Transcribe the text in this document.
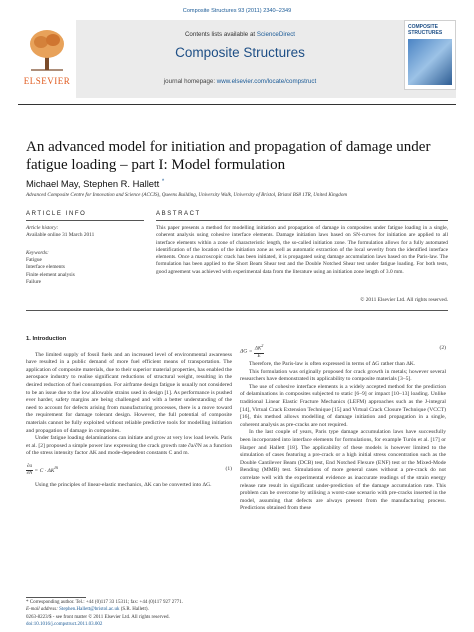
Composite Structures 93 (2011) 2340–2349
ELSEVIER
Contents lists available at ScienceDirect
Composite Structures
journal homepage: www.elsevier.com/locate/compstruct
COMPOSITE STRUCTURES
An advanced model for initiation and propagation of damage under fatigue loading – part I: Model formulation
Michael May, Stephen R. Hallett *
Advanced Composite Centre for Innovation and Science (ACCIS), Queens Building, University Walk, University of Bristol, Bristol BS8 1TR, United Kingdom
ARTICLE INFO
Article history:
Available online 31 March 2011
Keywords:
Fatigue
Interface elements
Finite element analysis
Failure
ABSTRACT
This paper presents a method for modelling initiation and propagation of damage in composites under fatigue loading in a single, coherent analysis using cohesive interface elements. Damage initiation laws based on SN-curves for initiation are applied to all interface elements within a zone of characteristic length, the so-called initiation zone. The formulation allows for a fully automated identification of the location of the initiation zone as well as automatic extraction of the local severity from the identified interface elements. Once a macroscopic crack has been initiated, it is propagated using damage accumulation laws based on the Paris-law. The formulation has been applied to the Short Beam Shear test and the Double Notched Shear test under fatigue loading. For both tests, good agreement was achieved with experimental data from the literature using an initiation zone length of 3.0 mm.
© 2011 Elsevier Ltd. All rights reserved.
1. Introduction

The limited supply of fossil fuels and an increased level of environmental awareness have resulted in a public demand of more fuel efficient means of transportation. The application of composite materials, due to their superior material properties, has enabled the aerospace industry to realise significant reductions of structural weight, resulting in the desired reduction of fuel consumption. For airframe design fatigue is usually not considered to be an issue due to the low allowable strains used in design [1]. As performance is pushed ever harder, safety margins are being challenged and with a better understanding of the need to account for defects arising from manufacturing processes, there is a move toward the requirement for damage tolerant design. However, the full potential of composite materials cannot be fully exploited without reliable predictive tools for modelling initiation and propagation of damage in composites.

Under fatigue loading delaminations can initiate and grow at very low load levels. Paris et al. [2] proposed a simple power law expressing the crack growth rate ∂a/∂N as a function of the stress intensity factor ΔK and mode-dependent constants C and m.

$\frac{\partial a}{\partial N} = C \cdot \Delta K^m$	(1)

Using the principles of linear-elastic mechanics, ΔK can be converted into ΔG.

$\Delta G = \frac{\Delta K^2}{E}$	(2)

Therefore, the Paris-law is often expressed in terms of ΔG rather than ΔK.

This formulation was originally proposed for crack growth in metals; however several researchers have demonstrated its applicability to composite materials [3–5].

The use of cohesive interface elements is a widely accepted method for the prediction of delaminations in composites subjected to static [6–9] or impact [10–13] loading. Unlike traditional Linear Elastic Fracture Mechanics (LEFM) approaches such as the J-integral [14], Virtual Crack Extension Technique [15] and Virtual Crack Closure Technique (VCCT) [16], this method allows modelling of damage initiation and propagation in a single, coherent analysis as pre-cracks are not required.

In the last couple of years, Paris type damage accumulation laws have successfully been incorporated into interface elements for formulations, for example Turón et al. [17] or Harper and Hallett [18]. The applicability of these models is however limited to the simulation of cases featuring a pre-crack or a high initial stress concentration such as the Double Cantilever Beam (DCB) test, End Notched Flexure (ENF) test or the Mixed-Mode Bending (MMB) test. Simulations of more general cases without a pre-crack do not correlate well with the experimental evidence as inaccurate readings of the strain energy release rate result in significant under-prediction of the damage accumulation rate. This problem can be overcome by utilising a worst-case scenario with pre-cracks inserted in the model, assuming that defects are always present from the manufacturing process. Predictions obtained from these

* Corresponding author. Tel.: +44 (0)117 33 15311; fax: +44 (0)117 927 2771.
E-mail address: Stephen.Hallett@bristol.ac.uk (S.R. Hallett).
0263-8223/$ - see front matter © 2011 Elsevier Ltd. All rights reserved.
doi:10.1016/j.compstruct.2011.03.002
